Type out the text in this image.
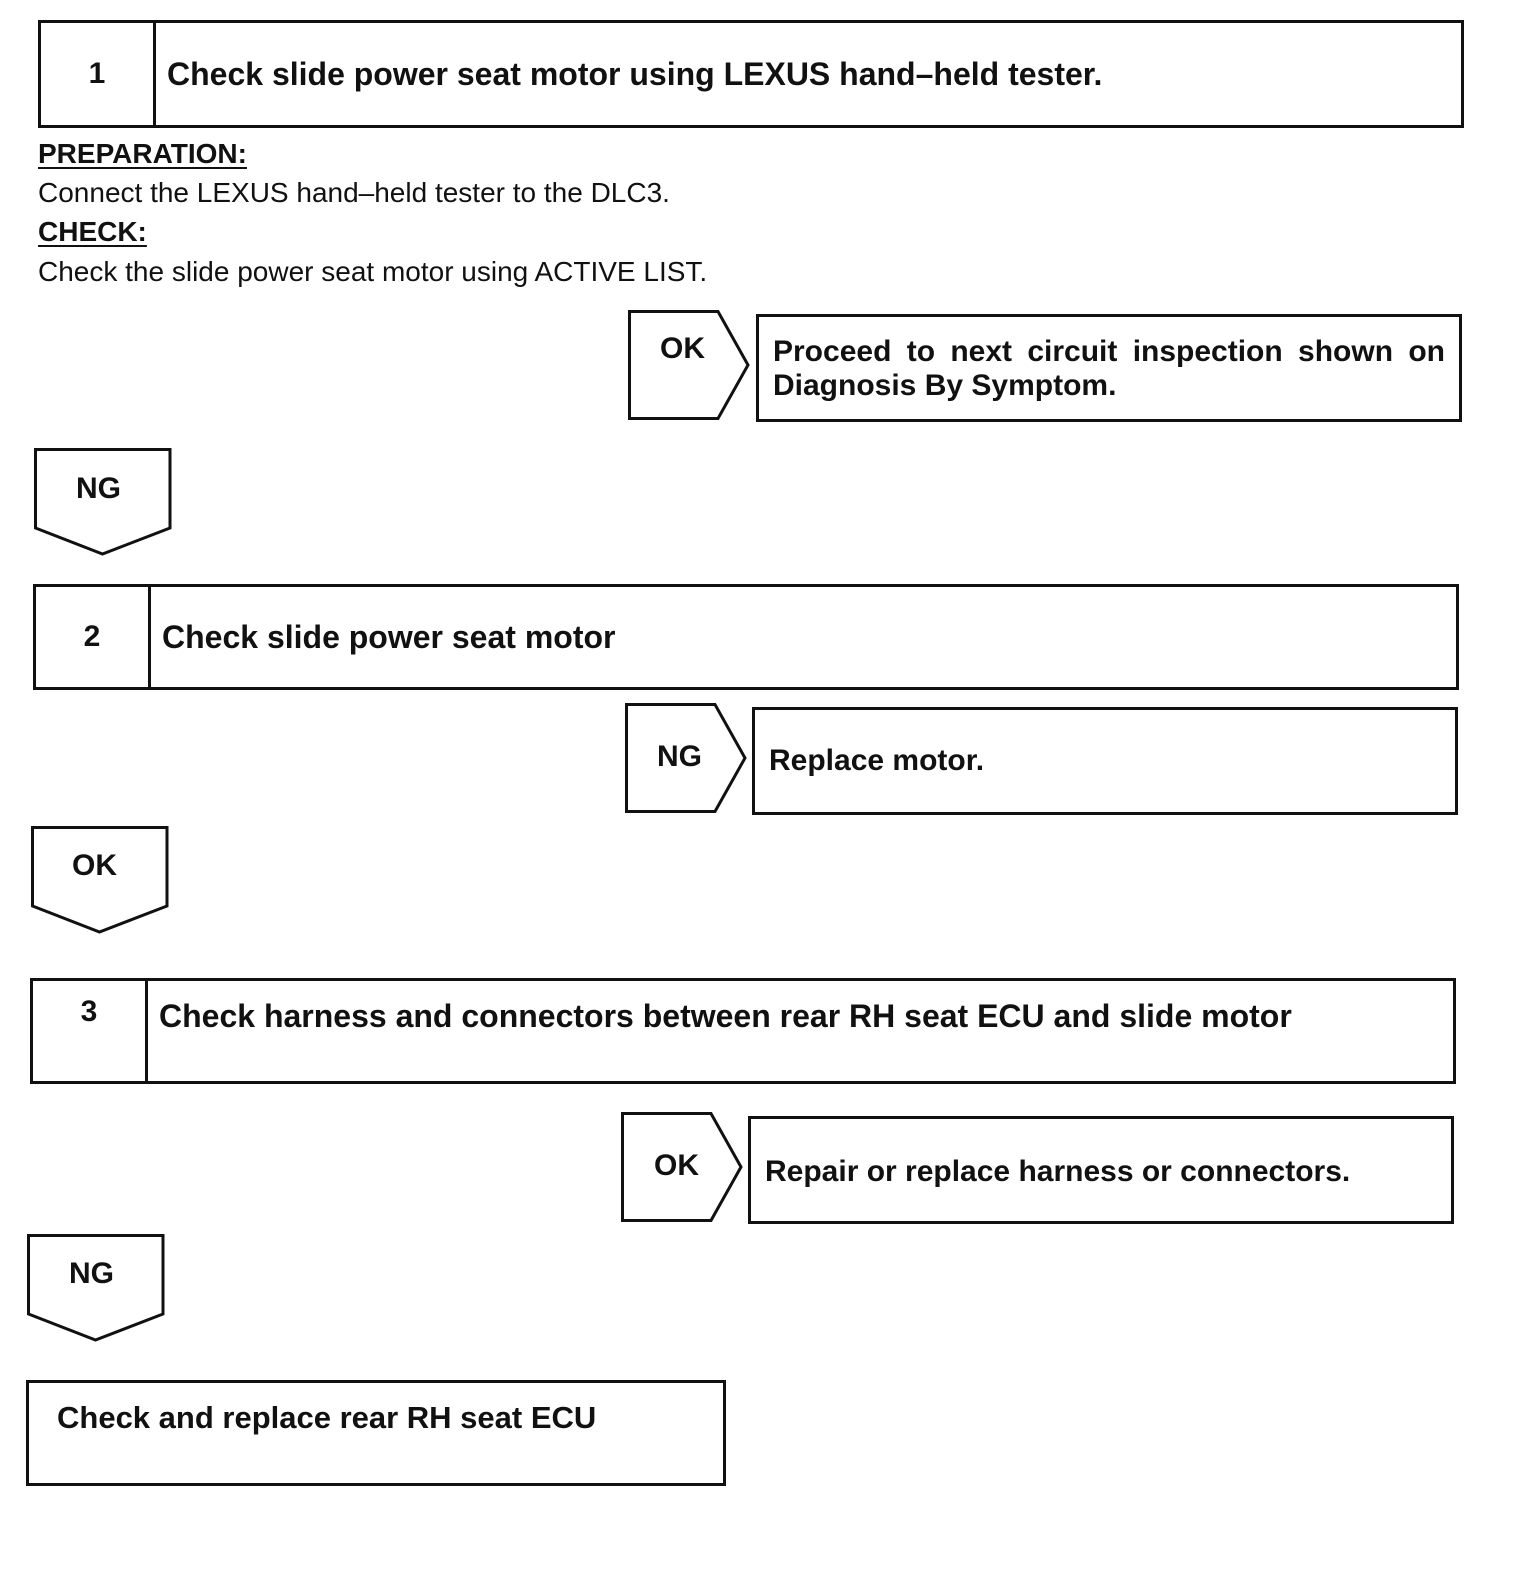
1	Check slide power seat motor using LEXUS hand–held tester.
PREPARATION:
Connect the LEXUS hand–held tester to the DLC3.
CHECK:
Check the slide power seat motor using ACTIVE LIST.
OK	Proceed to next circuit inspection shown on Diagnosis By Symptom.
NG
2	Check slide power seat motor
NG	Replace motor.
OK
3	Check harness and connectors between rear RH seat ECU and slide motor
OK	Repair or replace harness or connectors.
NG
Check and replace rear RH seat ECU
